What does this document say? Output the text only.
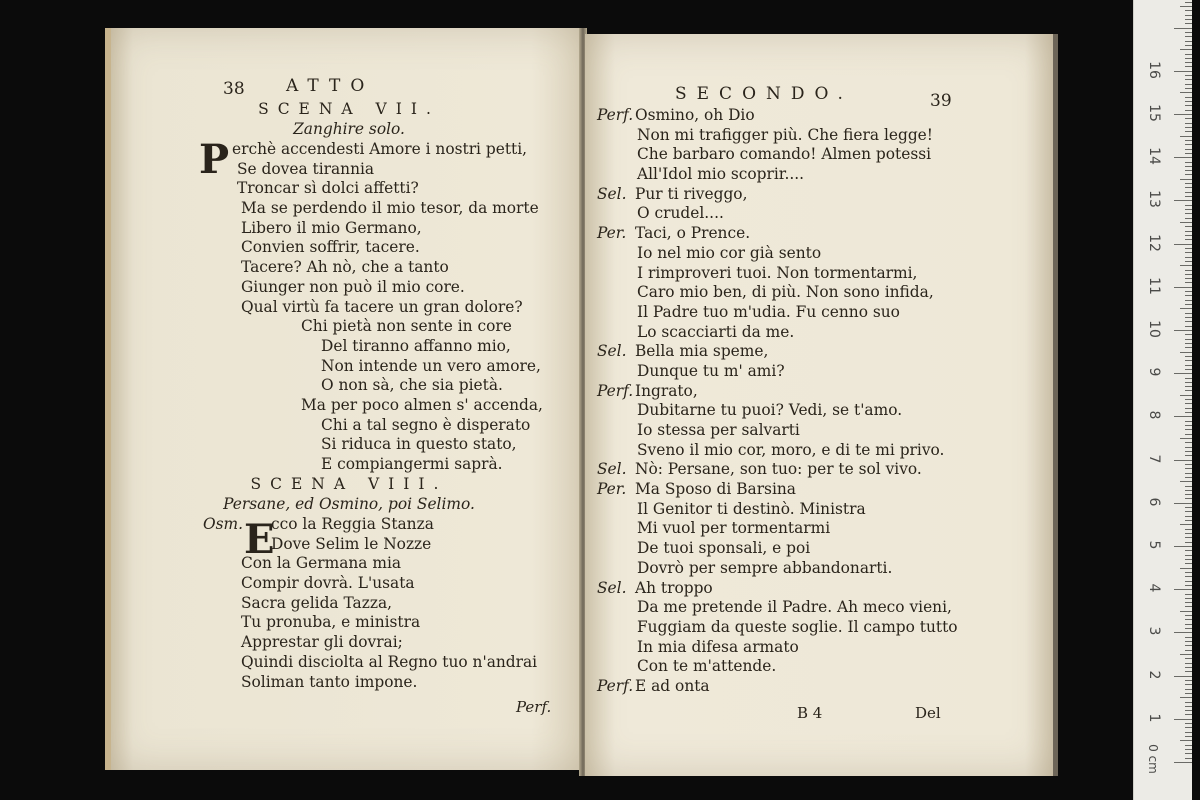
38 ATTO
SCENA VII.
Zanghire solo.
P erchè accendesti Amore i nostri petti,
Se dovea tirannia
Troncar sì dolci affetti?
Ma se perdendo il mio tesor, da morte
Libero il mio Germano,
Convien soffrir, tacere.
Tacere? Ah nò, che a tanto
Giunger non può il mio core.
Qual virtù fa tacere un gran dolore?
Chi pietà non sente in core
Del tiranno affanno mio,
Non intende un vero amore,
O non sà, che sia pietà.
Ma per poco almen s' accenda,
Chi a tal segno è disperato
Si riduca in questo stato,
E compiangermi saprà.
SCENA VIII.
Persane, ed Osmino, poi Selimo.
Osm. E
cco la Reggia Stanza
Dove Selim le Nozze
Con la Germana mia
Compir dovrà. L'usata
Sacra gelida Tazza,
Tu pronuba, e ministra
Apprestar gli dovrai;
Quindi disciolta al Regno tuo n'andrai
Soliman tanto impone.
Perf.
SECONDO.	39
Perf. Osmino, oh Dio
Non mi trafigger più. Che fiera legge!
Che barbaro comando! Almen potessi
All'Idol mio scoprir....
Sel. Pur ti riveggo,
O crudel....
Per. Taci, o Prence.
Io nel mio cor già sento
I rimproveri tuoi. Non tormentarmi,
Caro mio ben, di più. Non sono infida,
Il Padre tuo m'udia. Fu cenno suo
Lo scacciarti da me.
Sel. Bella mia speme,
Dunque tu m' ami?
Perf. Ingrato,
Dubitarne tu puoi? Vedi, se t'amo.
Io stessa per salvarti
Sveno il mio cor, moro, e di te mi privo.
Sel. Nò: Persane, son tuo: per te sol vivo.
Per. Ma Sposo di Barsina
Il Genitor ti destinò. Ministra
Mi vuol per tormentarmi
De tuoi sponsali, e poi
Dovrò per sempre abbandonarti.
Sel. Ah troppo
Da me pretende il Padre. Ah meco vieni,
Fuggiam da queste soglie. Il campo tutto
In mia difesa armato
Con te m'attende.
Perf. E ad onta
B 4	Del
0 cm
16
15
14
13
12
11
10
9
8
7
6
5
4
3
2
1
